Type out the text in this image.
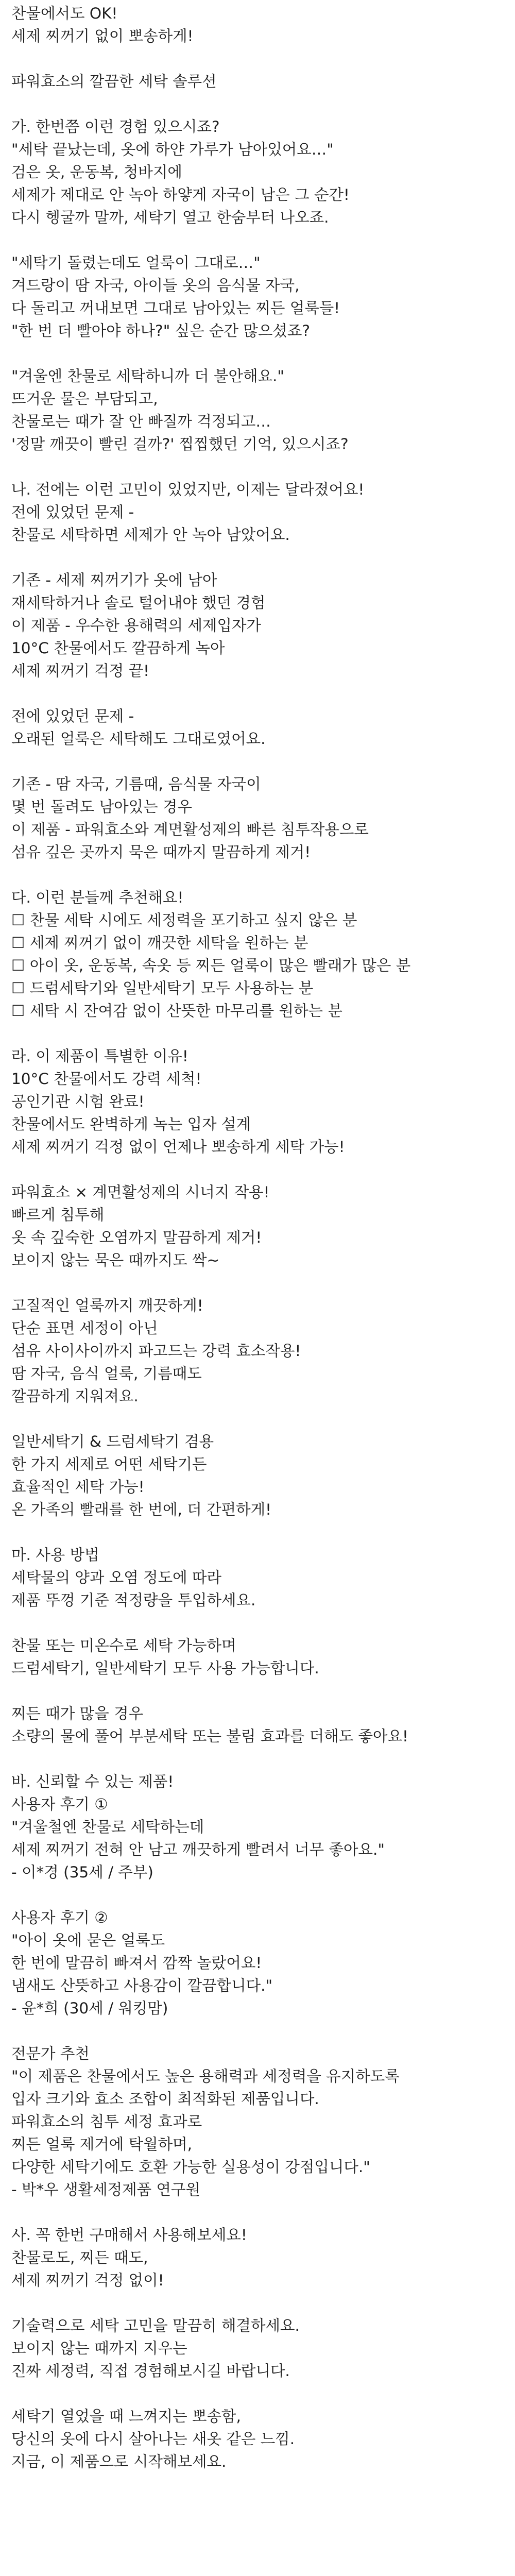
찬물에서도 OK!
세제 찌꺼기 없이 뽀송하게!
파워효소의 깔끔한 세탁 솔루션
가. 한번쯤 이런 경험 있으시죠?
"세탁 끝났는데, 옷에 하얀 가루가 남아있어요…"
검은 옷, 운동복, 청바지에
세제가 제대로 안 녹아 하얗게 자국이 남은 그 순간!
다시 헹굴까 말까, 세탁기 열고 한숨부터 나오죠.
"세탁기 돌렸는데도 얼룩이 그대로…"
겨드랑이 땀 자국, 아이들 옷의 음식물 자국,
다 돌리고 꺼내보면 그대로 남아있는 찌든 얼룩들!
"한 번 더 빨아야 하나?" 싶은 순간 많으셨죠?
"겨울엔 찬물로 세탁하니까 더 불안해요."
뜨거운 물은 부담되고,
찬물로는 때가 잘 안 빠질까 걱정되고…
'정말 깨끗이 빨린 걸까?' 찝찝했던 기억, 있으시죠?
나. 전에는 이런 고민이 있었지만, 이제는 달라졌어요!
전에 있었던 문제 -
찬물로 세탁하면 세제가 안 녹아 남았어요.
기존 - 세제 찌꺼기가 옷에 남아
재세탁하거나 솔로 털어내야 했던 경험
이 제품 - 우수한 용해력의 세제입자가
10°C 찬물에서도 깔끔하게 녹아
세제 찌꺼기 걱정 끝!
전에 있었던 문제 -
오래된 얼룩은 세탁해도 그대로였어요.
기존 - 땀 자국, 기름때, 음식물 자국이
몇 번 돌려도 남아있는 경우
이 제품 - 파워효소와 계면활성제의 빠른 침투작용으로
섬유 깊은 곳까지 묵은 때까지 말끔하게 제거!
다. 이런 분들께 추천해요!
☐ 찬물 세탁 시에도 세정력을 포기하고 싶지 않은 분
☐ 세제 찌꺼기 없이 깨끗한 세탁을 원하는 분
☐ 아이 옷, 운동복, 속옷 등 찌든 얼룩이 많은 빨래가 많은 분
☐ 드럼세탁기와 일반세탁기 모두 사용하는 분
☐ 세탁 시 잔여감 없이 산뜻한 마무리를 원하는 분
라. 이 제품이 특별한 이유!
10°C 찬물에서도 강력 세척!
공인기관 시험 완료!
찬물에서도 완벽하게 녹는 입자 설계
세제 찌꺼기 걱정 없이 언제나 뽀송하게 세탁 가능!
파워효소 × 계면활성제의 시너지 작용!
빠르게 침투해
옷 속 깊숙한 오염까지 말끔하게 제거!
보이지 않는 묵은 때까지도 싹~
고질적인 얼룩까지 깨끗하게!
단순 표면 세정이 아닌
섬유 사이사이까지 파고드는 강력 효소작용!
땀 자국, 음식 얼룩, 기름때도
깔끔하게 지워져요.
일반세탁기 & 드럼세탁기 겸용
한 가지 세제로 어떤 세탁기든
효율적인 세탁 가능!
온 가족의 빨래를 한 번에, 더 간편하게!
마. 사용 방법
세탁물의 양과 오염 정도에 따라
제품 뚜껑 기준 적정량을 투입하세요.
찬물 또는 미온수로 세탁 가능하며
드럼세탁기, 일반세탁기 모두 사용 가능합니다.
찌든 때가 많을 경우
소량의 물에 풀어 부분세탁 또는 불림 효과를 더해도 좋아요!
바. 신뢰할 수 있는 제품!
사용자 후기 ①
"겨울철엔 찬물로 세탁하는데
세제 찌꺼기 전혀 안 남고 깨끗하게 빨려서 너무 좋아요."
- 이*경 (35세 / 주부)
사용자 후기 ②
"아이 옷에 묻은 얼룩도
한 번에 말끔히 빠져서 깜짝 놀랐어요!
냄새도 산뜻하고 사용감이 깔끔합니다."
- 윤*희 (30세 / 워킹맘)
전문가 추천
"이 제품은 찬물에서도 높은 용해력과 세정력을 유지하도록
입자 크기와 효소 조합이 최적화된 제품입니다.
파워효소의 침투 세정 효과로
찌든 얼룩 제거에 탁월하며,
다양한 세탁기에도 호환 가능한 실용성이 강점입니다."
- 박*우 생활세정제품 연구원
사. 꼭 한번 구매해서 사용해보세요!
찬물로도, 찌든 때도,
세제 찌꺼기 걱정 없이!
기술력으로 세탁 고민을 말끔히 해결하세요.
보이지 않는 때까지 지우는
진짜 세정력, 직접 경험해보시길 바랍니다.
세탁기 열었을 때 느껴지는 뽀송함,
당신의 옷에 다시 살아나는 새옷 같은 느낌.
지금, 이 제품으로 시작해보세요.
